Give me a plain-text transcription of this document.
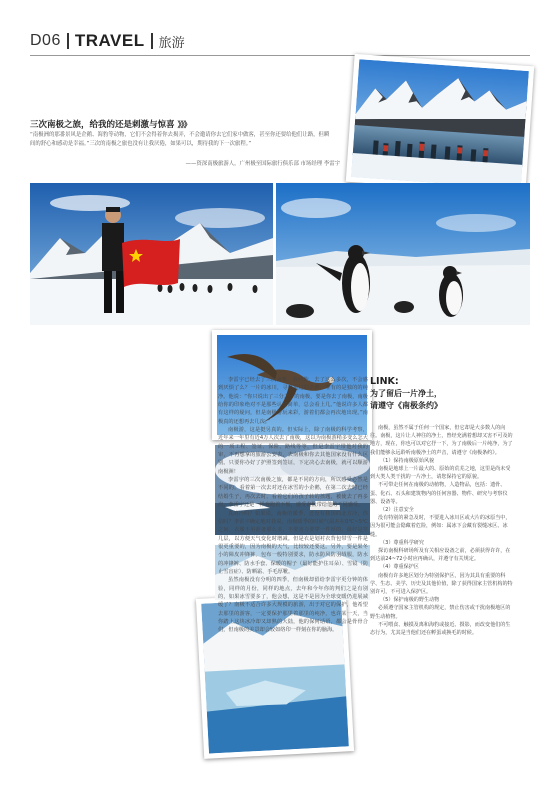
D06 TRAVEL 旅游
三次南极之旅，给我的还是刺激与惊喜 》》》
“南极洲的那番景风是企鹅、海豹等动物，它们不会得着你去揭弄，不会邀请你去它们家中做客，甚至你还要给他们让路，但瞬间的舒心和感动是幸福。”三次的南极之旅也没有让我厌倦，如果可以，期待我的下一次旅程。”
——资深南极旅游人，广州极至国际旅行俱乐部 市场经理 李雷宇

李雷宇已经去了三次南极，我问他，去了这么多次，不会感到厌烦了么？一片的冰川，寻已见过的企鹅，唯有的是独的的纯净。他说：“你只说出了三分之一的南极，要是你去了南极，南极给你的印象绝对不是那些认知简单，总会看上几。”他说许多人都有这样的疑问，但是南极游玩来彩，游着们都会再次地出现。”南极真的还想再去几次。”

南极游，这是挺另真的。但实际上，除了南极的科学考察，近年来一年里有近4万人次去了南极，这以为南极游稍多变么怎大的一项工程、签证、保险、路线等等，但是李雷宇带他对我的审，不再想拿的旅游公安表，去南极和你去其他国家没有什么区别。只要你办好了护照签到签证，下定决心去南极，就可以顺游南极洲！

李雷宇的三次南极之旅，都是不同的方向，所以感受必然是不同的。看着第一次去对还在冰雪的小企鹅，在第二次去时已经结婚生子，再次去时，看着它们的孩子转的孩题，被使去了再多次，李雷宇还是一样奔跑着下船，感受南极带给他的不同感受。

真的冷吗？如果说，南极的暖季，还没有我国的北方冷，你信吗？李雷宇确定地对我说，南极暖季的时候气温差在0℃~5℃之间，衣服不用准备那么多，不要害力要穿一件厚的，最好是穿几层，以方便天气变化时增减。但是衣是划衬衣背包带雪一件是很更重要的，因为南极的天气，比较较还要这。另外，要是果冬小的障皮冲锋裤。包布一般特别要求，防水防风防羽绒服，防水的冲锋裤、防水手套、保暖的帽子（最好能护住耳朵）、雪镜（防止雪盲症）、防晒霜、手毛厚靴。

虽然南极没有分明的四季，但南极却留给李雷宇更分钟的体验，同样的月份，同样的地点，去年和今年你的判们之是有别的，如果冰雪要多了，他会想，这是不是因为全球变暖仍进展减缓了？南极不适合许多大规模的旅游，出于对它的保护，他希望去那里的游客，一定要保护那里着那里的纯净，也许某一天，当你踏上这块冰冷却又却熟的大陆，他的保何话语，都会是骨骨合们，但南极的美景却会较如络印一样刻在你的脑海。

LINK:
为了留后一片净土，
请遵守《南极条约》

南极，虽然不属于任何一个国家，但它却是大多数人的向往。南极，这片让人神往的净土，曾经充满着想却又害不可及的地方，现在，你也可以对它抒一下，为了南极后一片纯净，为了我们能够永远聆听南极净土的声音，请遵守《南极条约》。

（1）保持南极原始风貌

南极是地球上一片最大的、原始的荒芜之地，这里是尚未受到大类人类干扰的一片净土，请您保持它的原貌。

不可带走任何在南极的动植物，人造物品，包括：遗骨、蛋、化石、石头和建筑物内的任何容器、物件、研究与考察仪器、设备等。

（2）注意安全

没有特别的紧急及时，不要进入冰川区或大片的冰原当中，因为很可能会隐藏着危险，例如：属冰下会藏有裂缝冰区、冰缝。

（3）尊重科学研究

探访南极科研场所及有关相应设备之前，必须获得许许，在到达前24~72小时应再确认，并遵守有关规定。

（4）尊重保护区

南极有许多地区划分为特别保护区，因为其具有重要的科学、生态、美学、历史及其他价值，除了获得国家主管机构的特别许可，不可进入保护区。

（5）保护南极的野生动物

必须遵守国家主管机构的规定，禁止伤害或干扰南极地区的野生动植物。

不可喂食、触摸及离和海豹或接近、摄影，而改变他们的生态行为，尤其是当他们还在孵蛋或换毛的时候。
